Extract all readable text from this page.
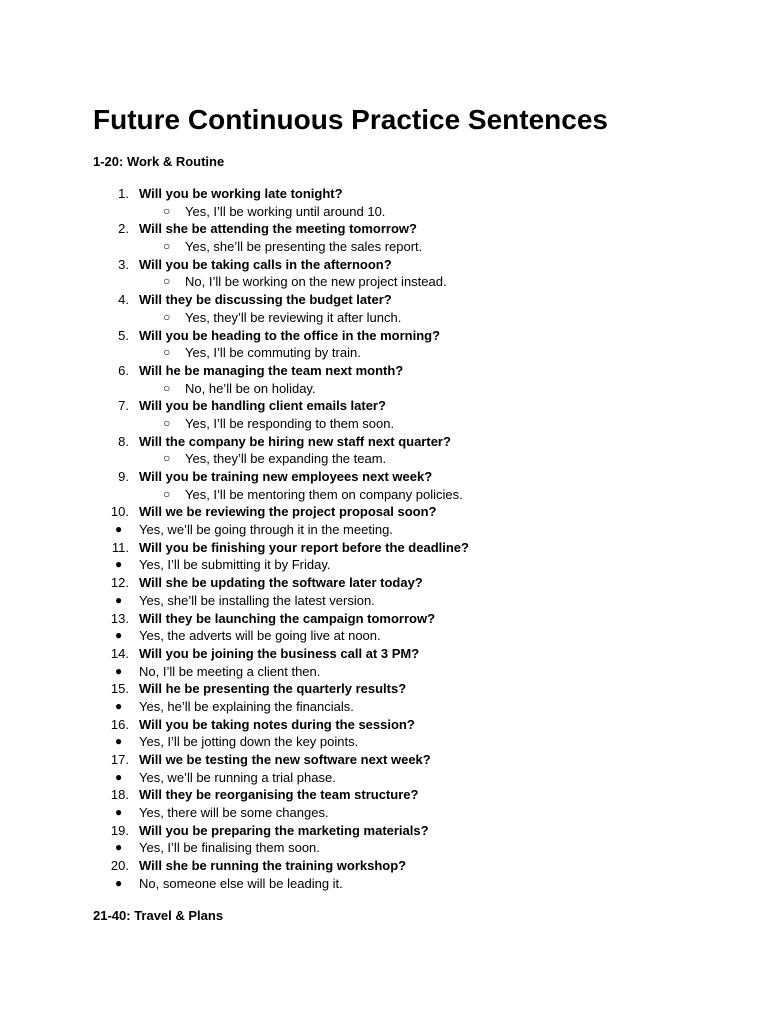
Future Continuous Practice Sentences
1-20: Work & Routine
1. Will you be working late tonight?
○ Yes, I’ll be working until around 10.
2. Will she be attending the meeting tomorrow?
○ Yes, she’ll be presenting the sales report.
3. Will you be taking calls in the afternoon?
○ No, I’ll be working on the new project instead.
4. Will they be discussing the budget later?
○ Yes, they’ll be reviewing it after lunch.
5. Will you be heading to the office in the morning?
○ Yes, I’ll be commuting by train.
6. Will he be managing the team next month?
○ No, he’ll be on holiday.
7. Will you be handling client emails later?
○ Yes, I’ll be responding to them soon.
8. Will the company be hiring new staff next quarter?
○ Yes, they’ll be expanding the team.
9. Will you be training new employees next week?
○ Yes, I’ll be mentoring them on company policies.
10. Will we be reviewing the project proposal soon?
● Yes, we’ll be going through it in the meeting.
11. Will you be finishing your report before the deadline?
● Yes, I’ll be submitting it by Friday.
12. Will she be updating the software later today?
● Yes, she’ll be installing the latest version.
13. Will they be launching the campaign tomorrow?
● Yes, the adverts will be going live at noon.
14. Will you be joining the business call at 3 PM?
● No, I’ll be meeting a client then.
15. Will he be presenting the quarterly results?
● Yes, he’ll be explaining the financials.
16. Will you be taking notes during the session?
● Yes, I’ll be jotting down the key points.
17. Will we be testing the new software next week?
● Yes, we’ll be running a trial phase.
18. Will they be reorganising the team structure?
● Yes, there will be some changes.
19. Will you be preparing the marketing materials?
● Yes, I’ll be finalising them soon.
20. Will she be running the training workshop?
● No, someone else will be leading it.
21-40: Travel & Plans
